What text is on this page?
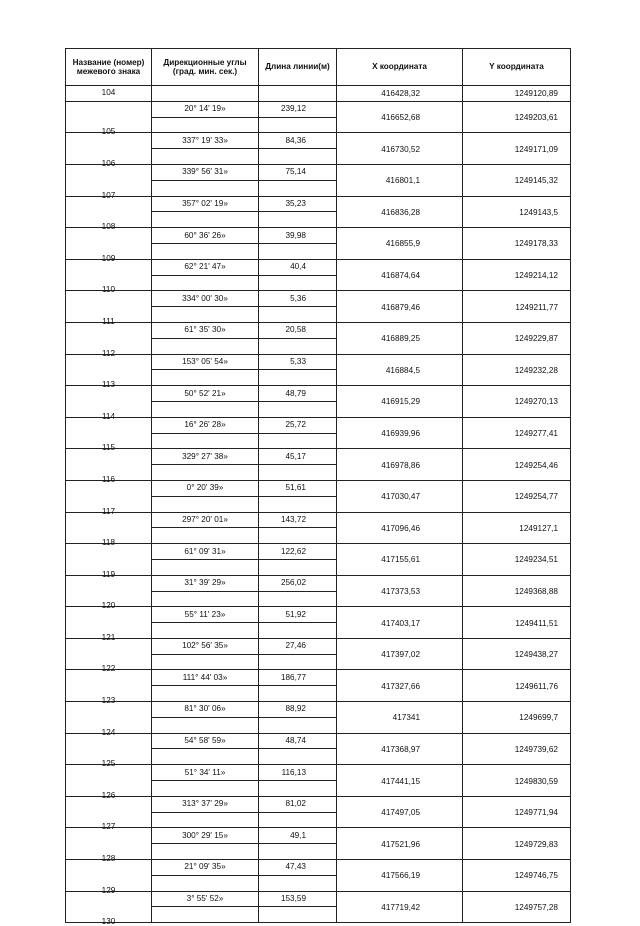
Название (номер) межевого знака	Дирекционные углы (град. мин. сек.)	Длина линии(м)	X координата	Y координата
104			416428,32	1249120,89
105	20° 14' 19»	239,12	416652,68	1249203,61

106	337° 19' 33»	84,36	416730,52	1249171,09

107	339° 56' 31»	75,14	416801,1	1249145,32

108	357° 02' 19»	35,23	416836,28	1249143,5

109	60° 36' 26»	39,98	416855,9	1249178,33

110	62° 21' 47»	40,4	416874,64	1249214,12

111	334° 00' 30»	5,36	416879,46	1249211,77

112	61° 35' 30»	20,58	416889,25	1249229,87

113	153° 05' 54»	5,33	416884,5	1249232,28

114	50° 52' 21»	48,79	416915,29	1249270,13

115	16° 26' 28»	25,72	416939,96	1249277,41

116	329° 27' 38»	45,17	416978,86	1249254,46

117	0° 20' 39»	51,61	417030,47	1249254,77

118	297° 20' 01»	143,72	417096,46	1249127,1

119	61° 09' 31»	122,62	417155,61	1249234,51

120	31° 39' 29»	256,02	417373,53	1249368,88

121	55° 11' 23»	51,92	417403,17	1249411,51

122	102° 56' 35»	27,46	417397,02	1249438,27

123	111° 44' 03»	186,77	417327,66	1249611,76

124	81° 30' 06»	88,92	417341	1249699,7

125	54° 58' 59»	48,74	417368,97	1249739,62

126	51° 34' 11»	116,13	417441,15	1249830,59

127	313° 37' 29»	81,02	417497,05	1249771,94

128	300° 29' 15»	49,1	417521,96	1249729,83

129	21° 09' 35»	47,43	417566,19	1249746,75

130	3° 55' 52»	153,59	417719,42	1249757,28
